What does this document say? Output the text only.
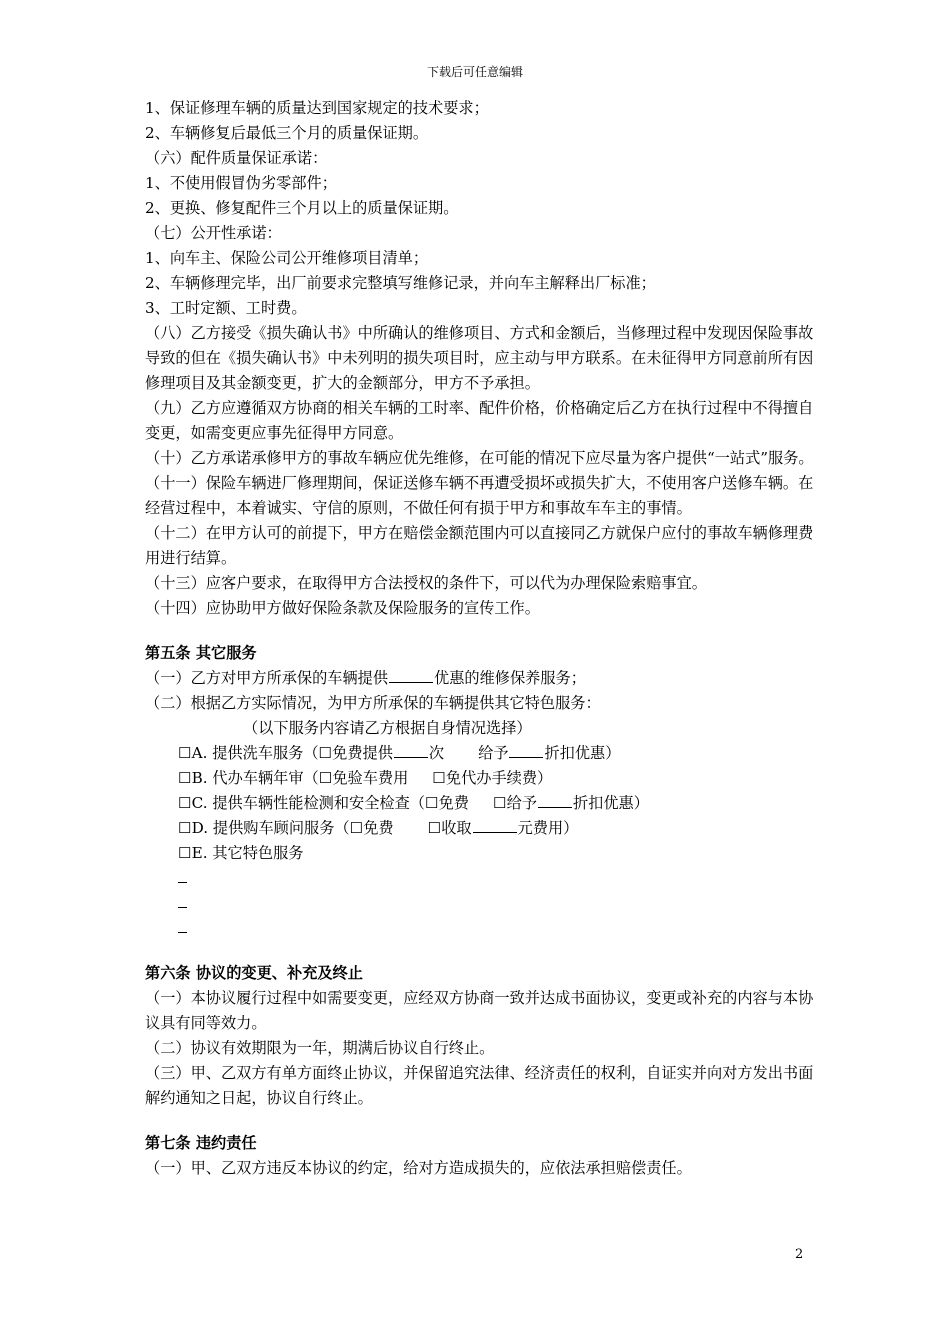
下载后可任意编辑

1、保证修理车辆的质量达到国家规定的技术要求；

2、车辆修复后最低三个月的质量保证期。

（六）配件质量保证承诺：

1、不使用假冒伪劣零部件；

2、更换、修复配件三个月以上的质量保证期。

（七）公开性承诺：

1、向车主、保险公司公开维修项目清单；

2、车辆修理完毕，出厂前要求完整填写维修记录，并向车主解释出厂标准；

3、工时定额、工时费。

（八）乙方接受《损失确认书》中所确认的维修项目、方式和金额后，当修理过程中发现因保险事故导致的但在《损失确认书》中未列明的损失项目时，应主动与甲方联系。在未征得甲方同意前所有因修理项目及其金额变更，扩大的金额部分，甲方不予承担。

（九）乙方应遵循双方协商的相关车辆的工时率、配件价格，价格确定后乙方在执行过程中不得擅自变更，如需变更应事先征得甲方同意。

（十）乙方承诺承修甲方的事故车辆应优先维修，在可能的情况下应尽量为客户提供“一站式”服务。

（十一）保险车辆进厂修理期间，保证送修车辆不再遭受损坏或损失扩大，不使用客户送修车辆。在经营过程中，本着诚实、守信的原则，不做任何有损于甲方和事故车车主的事情。

（十二）在甲方认可的前提下，甲方在赔偿金额范围内可以直接同乙方就保户应付的事故车辆修理费用进行结算。

（十三）应客户要求，在取得甲方合法授权的条件下，可以代为办理保险索赔事宜。

（十四）应协助甲方做好保险条款及保险服务的宣传工作。

第五条 其它服务

（一）乙方对甲方所承保的车辆提供	优惠的维修保养服务；

（二）根据乙方实际情况，为甲方所承保的车辆提供其它特色服务：

（以下服务内容请乙方根据自身情况选择）

☐A. 提供洗车服务（☐免费提供 次 给予 折扣优惠）

☐B. 代办车辆年审（☐免验车费用 ☐免代办手续费）

☐C. 提供车辆性能检测和安全检查（☐免费 ☐给予 折扣优惠）

☐D. 提供购车顾问服务（☐免费 ☐收取	元费用）

☐E. 其它特色服务

第六条 协议的变更、补充及终止

（一）本协议履行过程中如需要变更，应经双方协商一致并达成书面协议，变更或补充的内容与本协议具有同等效力。

（二）协议有效期限为一年，期满后协议自行终止。

（三）甲、乙双方有单方面终止协议，并保留追究法律、经济责任的权利，自证实并向对方发出书面解约通知之日起，协议自行终止。

第七条 违约责任

（一）甲、乙双方违反本协议的约定，给对方造成损失的，应依法承担赔偿责任。

2
